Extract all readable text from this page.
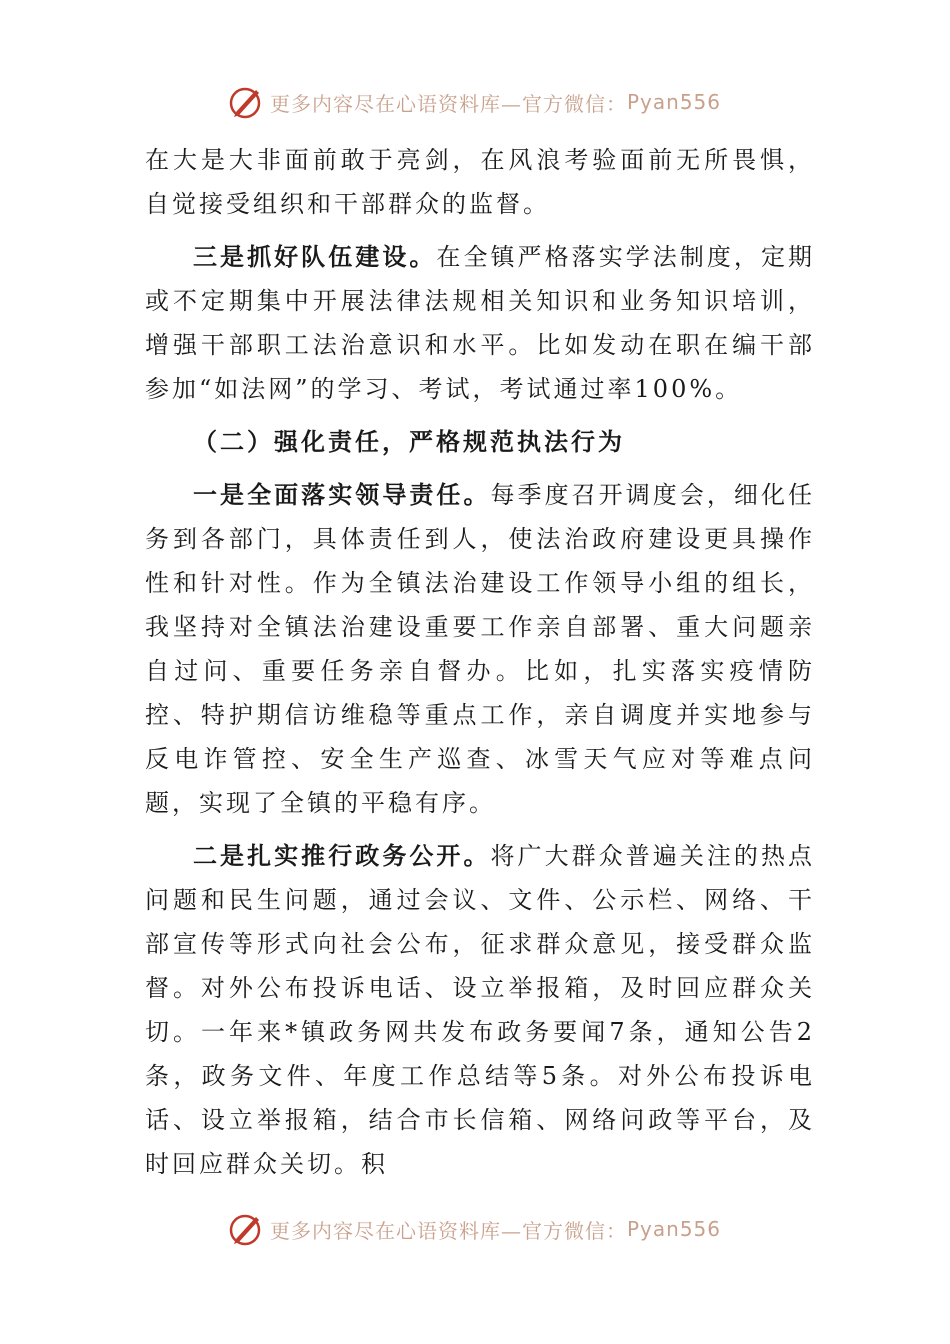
更多内容尽在心语资料库—官方微信： Pyan556

在大是大非面前敢于亮剑，在风浪考验面前无所畏惧，自觉接受组织和干部群众的监督。

三是抓好队伍建设。在全镇严格落实学法制度，定期或不定期集中开展法律法规相关知识和业务知识培训，增强干部职工法治意识和水平。比如发动在职在编干部参加“如法网”的学习、考试，考试通过率100%。

（二）强化责任，严格规范执法行为

一是全面落实领导责任。每季度召开调度会，细化任务到各部门，具体责任到人，使法治政府建设更具操作性和针对性。作为全镇法治建设工作领导小组的组长，我坚持对全镇法治建设重要工作亲自部署、重大问题亲自过问、重要任务亲自督办。比如，扎实落实疫情防控、特护期信访维稳等重点工作，亲自调度并实地参与反电诈管控、安全生产巡查、冰雪天气应对等难点问题，实现了全镇的平稳有序。

二是扎实推行政务公开。将广大群众普遍关注的热点问题和民生问题，通过会议、文件、公示栏、网络、干部宣传等形式向社会公布，征求群众意见，接受群众监督。对外公布投诉电话、设立举报箱，及时回应群众关切。一年来*镇政务网共发布政务要闻7条，通知公告2条，政务文件、年度工作总结等5条。对外公布投诉电话、设立举报箱，结合市长信箱、网络问政等平台，及时回应群众关切。积

更多内容尽在心语资料库—官方微信： Pyan556
